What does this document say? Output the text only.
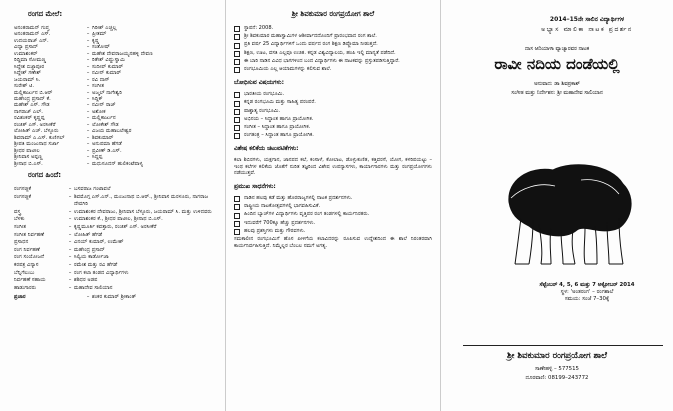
ರಂಗದ ಮೇಲೆ:
ಅನಂತರಾಮನ್ ಗುಪ್ತ	– ಗಿರೀಶ್ ಎಚ್ಚಲ್ಲ
ಅನಂತರಾಮನ್ ಎಸ್.	– ಪ್ರೀತಮ್
ಉದಯರಾಜ್ ಎನ್.	– ಕೃಷ್ಣ
ವಿದ್ಯಾ ಪ್ರಸಾದ್	– ಸಂತೋಷ್
ಉಮಾಶಂಕರ್	– ಮಹೇಶ ದೇವರಾಜಯ್ಯನಹಳ್ಳಿ ದೇವಣ
ರಿದ್ಧಿಮಾ ಸೋಮಣ್ಣ	– ರಿತೇಶ್ ವಿಷ್ಣುಸ್ವಾಮಿ
ಸಿದ್ದೇಶ ಬಿಜ್ಜಾಪೂರ	– ಸುದೀಪ್ ಕುಮಾರ್
ಸಿದ್ದೇಶ್ ಗಣೇಶ್	– ನವೀನ್ ಕುಮಾರ್
ಜಯರಾಮ್ ಸಿ.	– ರವಿ ದಾಸ್
ಸುರೇಶ್ ಟಿ.	– ಸಂಗೀತ
ಮಲ್ಲಿಕಾರ್ಜುನ ಬಿ.ಆರ್	– ಅಜ್ಮಲ್ ನಾಗೇಶ್ವರಿ
ಮಹೇಂದ್ರ ಪ್ರಸಾದ್ ಕೆ.	– ಸಿದ್ದಿಕ್
ಮಹೇಶ್ ಎಸ್. ಗೌಡ	– ನವೀನ್ ರಾಜ್
ನಾಗರಾಜ್ ಎಲ್.	– ಅಶೋಕ
ರವಿಶಂಕರ್ ಕೃಷ್ಣಪ್ಪ	– ಮಲ್ಲಿಕಾರ್ಜುನ
ರಂಜಿತ್ ಎಸ್. ಅರಸೀಕೆರೆ	– ಲೋಕೇಶ್ ಗೌಡ
ಲೋಹಿತ್ ಎಚ್. ಬೆಳ್ಳೂರು	– ವಿಜಯ ಮಹಾಬಲೇಶ್ವರ
ಶಿವರಾಮ್ ಎ.ಎಸ್. ಕುಣಿಗಲ್	– ಶಿವಕುಮಾರ್
ಶ್ರೀಪತಿ ಮಂಜುನಾಥ ಸರ್ಜಾ	– ಅನುಪಮಾ ಹೆಗಡೆ
ಶ್ರೀಧರ ಪಾಟೀಲ	– ಪ್ರವೀಣ್ ಡಿ.ಎಸ್.
ಶ್ರೀನಿವಾಸ ಅಪ್ಪಣ್ಣ	– ಸಿದ್ದಪ್ಪ
ಶ್ರೀನಾಥ ಬಿ.ಎಸ್.	– ಮಧುಸೂದನ್ ಹುಲಿಕಂಟೆಪಾಳ್ಯ
ರಂಗದ ಹಿಂದೆ:
ರಂಗಸಜ್ಜಿಕೆ	– ಬಸವರಾಜ ಗಂಟಾವಲೆ
ರಂಗಸಜ್ಜಿಕೆ	– ಶಿವಮೊಗ್ಗ ಎಸ್.ಎನ್., ಮಂಜುನಾಥ ಬಿ.ಆರ್., ಶ್ರೀನಿವಾಸ ಮರಳೂರು, ನಾಗರಾಜ ದೇವಗಿರಿ
ವಸ್ತ್ರ	– ಉಮಾಶಂಕರ ದೇವರಾಜು, ಶ್ರೀನಿವಾಸ ಬೆಳ್ಳೂರು, ಜಯರಾಮ್ ಸಿ. ಮತ್ತು ಉಳಿದವರು
ಬೆಳಕು	– ಉಮಾಶಂಕರ ಕೆ., ಶ್ರೀಧರ ಪಾಟೀಲ, ಶ್ರೀನಾಥ ಬಿ.ಎಸ್.
ಸಂಗೀತ	– ಕೃಷ್ಣಮೂರ್ತಿ ಕವತ್ತಾರು, ರಂಜಿತ್ ಎಸ್. ಅರಸೀಕೆರೆ
ಸಂಗೀತ ನಿರ್ವಹಣೆ	– ಲೋಹಿತ್ ಹೆಗಡೆ
ಪ್ರಸಾಧನ	– ವಿನಯ್ ಕುಮಾರ್, ಉಮೇಶ್
ರಂಗ ನಿರ್ವಹಣೆ	– ಮಹೇಂದ್ರ ಪ್ರಸಾದ್
ರಂಗ ಸಂಯೋಜನೆ	– ಸಿಲ್ವಿಯ ಕಾರ್ಡೋಜಾ
ಕರಪತ್ರ ವಿನ್ಯಾಸ	– ರಮೇಶ ಮತ್ತು ರವಿ ಹೆಗಡೆ
ಬೆನ್ನಿಗೆಲುಬು	– ರಂಗ ಕಲಾ ತಂಡದ ವಿದ್ಯಾರ್ಥಿಗಳು
ನಿರ್ವಹಣೆ ಸಹಾಯ	– ಶಶಿಧರ ಅಡಪ
ಹಾಡುಗಾರರು	– ಮಹಾದೇವ ಸಾಲಿಯಾನ
ಪ್ರಚಾರ	– ಶಂಕರ ಕುಮಾರ್ ಶ್ರೀಕಾಂತ್
ಶ್ರೀ ಶಿವಕುಮಾರ ರಂಗಪ್ರಯೋಗ ಶಾಲೆ
ಸ್ಥಾಪನೆ: 2008.
ಶ್ರೀ ಶಿವಕುಮಾರ ಮಹಾಸ್ವಾಮಿಗಳ ಆಶೀರ್ವಾದದೊಂದಿಗೆ ಪ್ರಾರಂಭವಾದ ರಂಗ ಶಾಲೆ.
ಪ್ರತಿ ವರ್ಷ 25 ವಿದ್ಯಾರ್ಥಿಗಳಿಗೆ ಒಂದು ವರ್ಷದ ರಂಗ ಶಿಕ್ಷಣ ಡಿಪ್ಲೊಮಾ ನೀಡುತ್ತದೆ.
ಶಿಕ್ಷಣ, ಊಟ, ವಸತಿ ಎಲ್ಲವೂ ಉಚಿತ. ಕನ್ನಡ ವಿಶ್ವವಿದ್ಯಾಲಯ, ಹಂಪಿ ಇಲ್ಲಿ ಮಾನ್ಯತೆ ಪಡೆದಿದೆ.
ಈ ಬಾರಿ ನಾಡಿನ ವಿವಿಧ ಭಾಗಗಳಿಂದ ಬಂದ ವಿದ್ಯಾರ್ಥಿಗಳು ಈ ನಾಟಕವನ್ನು ಪ್ರಸ್ತುತಪಡಿಸುತ್ತಿದ್ದಾರೆ.
ರಂಗಭೂಮಿಯ ಎಲ್ಲ ಆಯಾಮಗಳನ್ನು ಕಲಿಸುವ ಶಾಲೆ.
ಬೋಧಿಸುವ ವಿಷಯಗಳು:
ಭಾರತೀಯ ರಂಗಭೂಮಿ.
ಕನ್ನಡ ರಂಗಭೂಮಿ ಮತ್ತು ಸಾಹಿತ್ಯ ಪರಂಪರೆ.
ಪಾಶ್ಚಾತ್ಯ ರಂಗಭೂಮಿ.
ಅಭಿನಯ – ಸಿದ್ಧಾಂತ ಹಾಗೂ ಪ್ರಾಯೋಗಿಕ.
ಸಂಗೀತ – ಸಿದ್ಧಾಂತ ಹಾಗೂ ಪ್ರಾಯೋಗಿಕ.
ರಂಗತಂತ್ರ – ಸಿದ್ಧಾಂತ ಹಾಗೂ ಪ್ರಾಯೋಗಿಕ.
ವಿಶೇಷ ಕಲಿಕೆಯ ಚಟುವಟಿಕೆಗಳು:

ಕಲಾ ಶಿಬಿರಗಳು, ಯಕ್ಷಗಾನ, ಜಾನಪದ ಕಲೆ, ಕಂಸಾಳೆ, ಕೋಲಾಟ, ಡೊಳ್ಳುಕುಣಿತ, ಕತ್ತಿವರಸೆ, ಯೋಗ, ಕಳರಿಪಯಟ್ಟು – ಇಂಥ ಕಲೆಗಳ ಕಲಿಕೆಯ ಜೊತೆಗೆ ನುರಿತ ತಜ್ಞರಿಂದ ವಿಶೇಷ ಉಪನ್ಯಾಸಗಳು, ಕಾರ್ಯಾಗಾರಗಳು ಮತ್ತು ರಂಗಪ್ರಯೋಗಗಳು ನಡೆಯುತ್ತವೆ.

ಪ್ರಮುಖ ಸಾಧನೆಗಳು:
ನಾಡಿನ ಹಲವು ಕಡೆ ಮತ್ತು ಹೊರರಾಜ್ಯಗಳಲ್ಲಿ ನಾಟಕ ಪ್ರದರ್ಶನಗಳು.
ರಾಷ್ಟ್ರೀಯ ನಾಟಕೋತ್ಸವಗಳಲ್ಲಿ ಭಾಗವಹಿಸುವಿಕೆ.
ಹಿಂದಿನ ಬ್ಯಾಚ್‌ಗಳ ವಿದ್ಯಾರ್ಥಿಗಳು ವೃತ್ತಿಪರ ರಂಗ ತಂಡಗಳಲ್ಲಿ ಕಾರ್ಯನಿರತರು.
ಇದುವರೆಗೆ 700ಕ್ಕೂ ಹೆಚ್ಚು ಪ್ರದರ್ಶನಗಳು.
ಹಲವು ಪ್ರಶಸ್ತಿಗಳು ಮತ್ತು ಗೌರವಗಳು.

ಸಮಕಾಲೀನ ರಂಗಭೂಮಿಗೆ ಹೊಸ ಪೀಳಿಗೆಯ ಕಲಾವಿದರನ್ನು ರೂಪಿಸುವ ಉದ್ದೇಶದಿಂದ ಈ ಶಾಲೆ ನಿರಂತರವಾಗಿ ಕಾರ್ಯನಿರ್ವಹಿಸುತ್ತಿದೆ. ನಿಮ್ಮೆಲ್ಲರ ಬೆಂಬಲ ನಮಗೆ ಅಗತ್ಯ.

2014–15ನೇ ಸಾಲಿನ ವಿದ್ಯಾರ್ಥಿಗಳ
ಅಭ್ಯಾಸ ಮಾಲಿಕಾ ನಾಟಕ ಪ್ರದರ್ಶನ
ದಾಸ ಆದಿಯಾಳಾ ವ್ಯಾಚ್ಯಾರವರ ನಾಟಕ
ರಾವೀ ನದಿಯ ದಂಡೆಯಲ್ಲಿ
ಅನುವಾದ: ಡಾ ಶಿವಪ್ರಕಾಶ್
ಸಂಗೀತ ಮತ್ತು ನಿರ್ದೇಶನ: ಶ್ರೀ ಮಹಾದೇವ ಸಾಲಿಯಾನ
ಸೆಪ್ಟೆಂಬರ್ 4, 5, 6 ಮತ್ತು 7 ಅಕ್ಟೋಬರ್ 2014
ಸ್ಥಳ: 'ಅಂತರಂಗ' – ರಂಗಶಾಲೆ
ಸಮಯ: ಸಂಜೆ 7–30ಕ್ಕೆ
ಶ್ರೀ ಶಿವಕುಮಾರ ರಂಗಪ್ರಯೋಗ ಶಾಲೆ
ಸಾಣೇಹಳ್ಳಿ – 577515
ದೂರವಾಣಿ: 08199–243772
